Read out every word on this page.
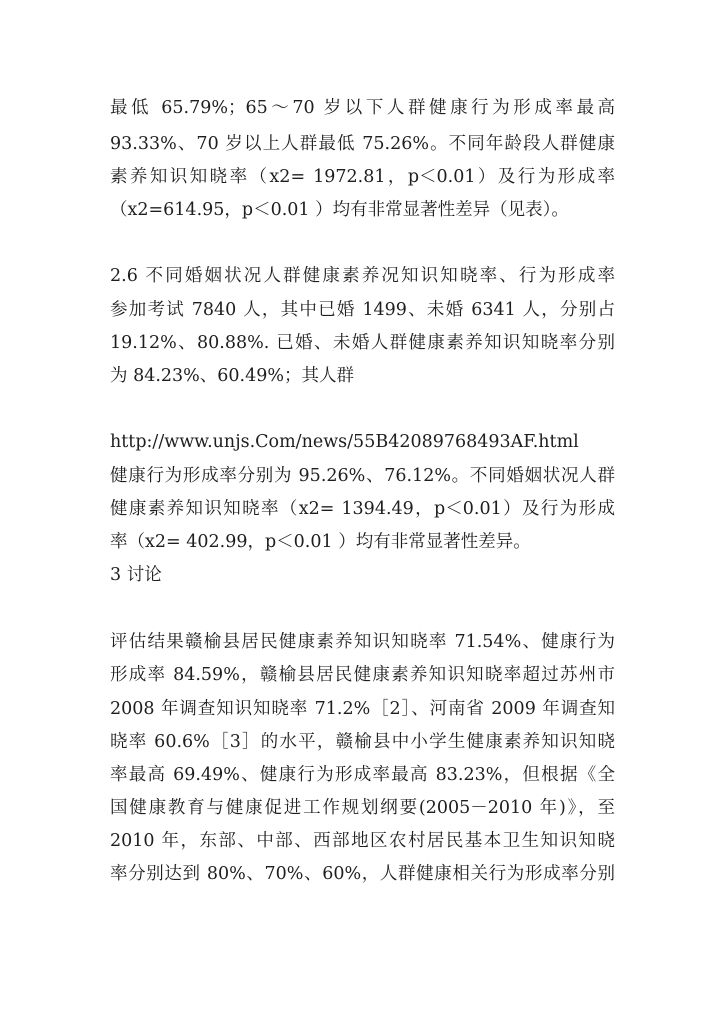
最低 65.79%；65～70 岁以下人群健康行为形成率最高
93.33%、70 岁以上人群最低 75.26%。不同年龄段人群健康
素养知识知晓率（x2= 1972.81，p＜0.01）及行为形成率
（x2=614.95，p＜0.01 ）均有非常显著性差异（见表）。
2.6 不同婚姻状况人群健康素养况知识知晓率、行为形成率
参加考试 7840 人，其中已婚 1499、未婚 6341 人，分别占
19.12%、80.88%. 已婚、未婚人群健康素养知识知晓率分别
为 84.23%、60.49%；其人群
http://www.unjs.Com/news/55B42089768493AF.html
健康行为形成率分别为 95.26%、76.12%。不同婚姻状况人群
健康素养知识知晓率（x2= 1394.49，p＜0.01）及行为形成
率（x2= 402.99，p＜0.01 ）均有非常显著性差异。
3 讨论
评估结果赣榆县居民健康素养知识知晓率 71.54%、健康行为
形成率 84.59%，赣榆县居民健康素养知识知晓率超过苏州市
2008 年调查知识知晓率 71.2%［2］、河南省 2009 年调查知
晓率 60.6%［3］的水平，赣榆县中小学生健康素养知识知晓
率最高 69.49%、健康行为形成率最高 83.23%，但根据《全
国健康教育与健康促进工作规划纲要(2005－2010 年)》，至
2010 年，东部、中部、西部地区农村居民基本卫生知识知晓
率分别达到 80%、70%、60%，人群健康相关行为形成率分别
